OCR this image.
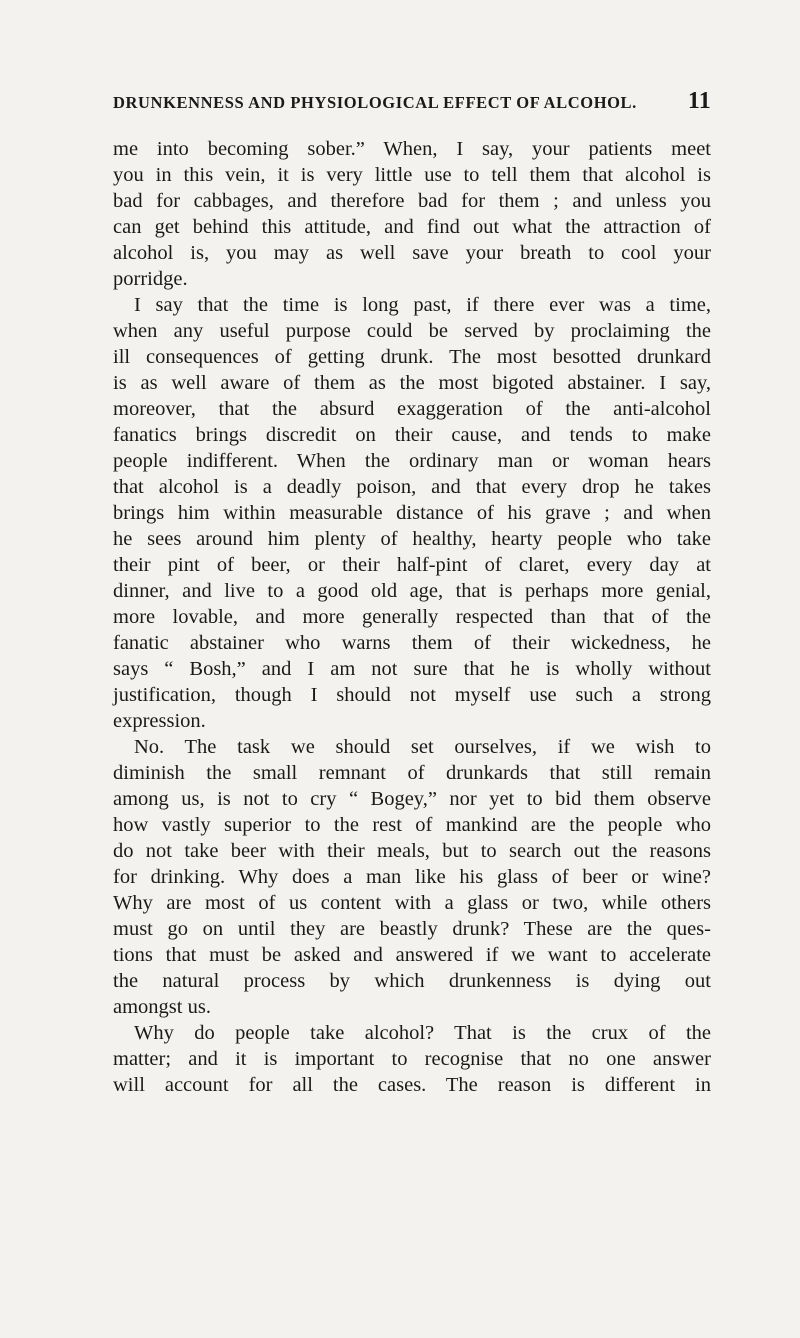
DRUNKENNESS AND PHYSIOLOGICAL EFFECT OF ALCOHOL. 11
me into becoming sober.” When, I say, your patients meet
you in this vein, it is very little use to tell them that alcohol is
bad for cabbages, and therefore bad for them ; and unless you
can get behind this attitude, and find out what the attraction of
alcohol is, you may as well save your breath to cool your
porridge.
I say that the time is long past, if there ever was a time,
when any useful purpose could be served by proclaiming the
ill consequences of getting drunk. The most besotted drunkard
is as well aware of them as the most bigoted abstainer. I say,
moreover, that the absurd exaggeration of the anti-alcohol
fanatics brings discredit on their cause, and tends to make
people indifferent. When the ordinary man or woman hears
that alcohol is a deadly poison, and that every drop he takes
brings him within measurable distance of his grave ; and when
he sees around him plenty of healthy, hearty people who take
their pint of beer, or their half-pint of claret, every day at
dinner, and live to a good old age, that is perhaps more genial,
more lovable, and more generally respected than that of the
fanatic abstainer who warns them of their wickedness, he
says “ Bosh,” and I am not sure that he is wholly without
justification, though I should not myself use such a strong
expression.
No. The task we should set ourselves, if we wish to
diminish the small remnant of drunkards that still remain
among us, is not to cry “ Bogey,” nor yet to bid them observe
how vastly superior to the rest of mankind are the people who
do not take beer with their meals, but to search out the reasons
for drinking. Why does a man like his glass of beer or wine?
Why are most of us content with a glass or two, while others
must go on until they are beastly drunk? These are the ques-
tions that must be asked and answered if we want to accelerate
the natural process by which drunkenness is dying out
amongst us.
Why do people take alcohol? That is the crux of the
matter; and it is important to recognise that no one answer
will account for all the cases. The reason is different in
